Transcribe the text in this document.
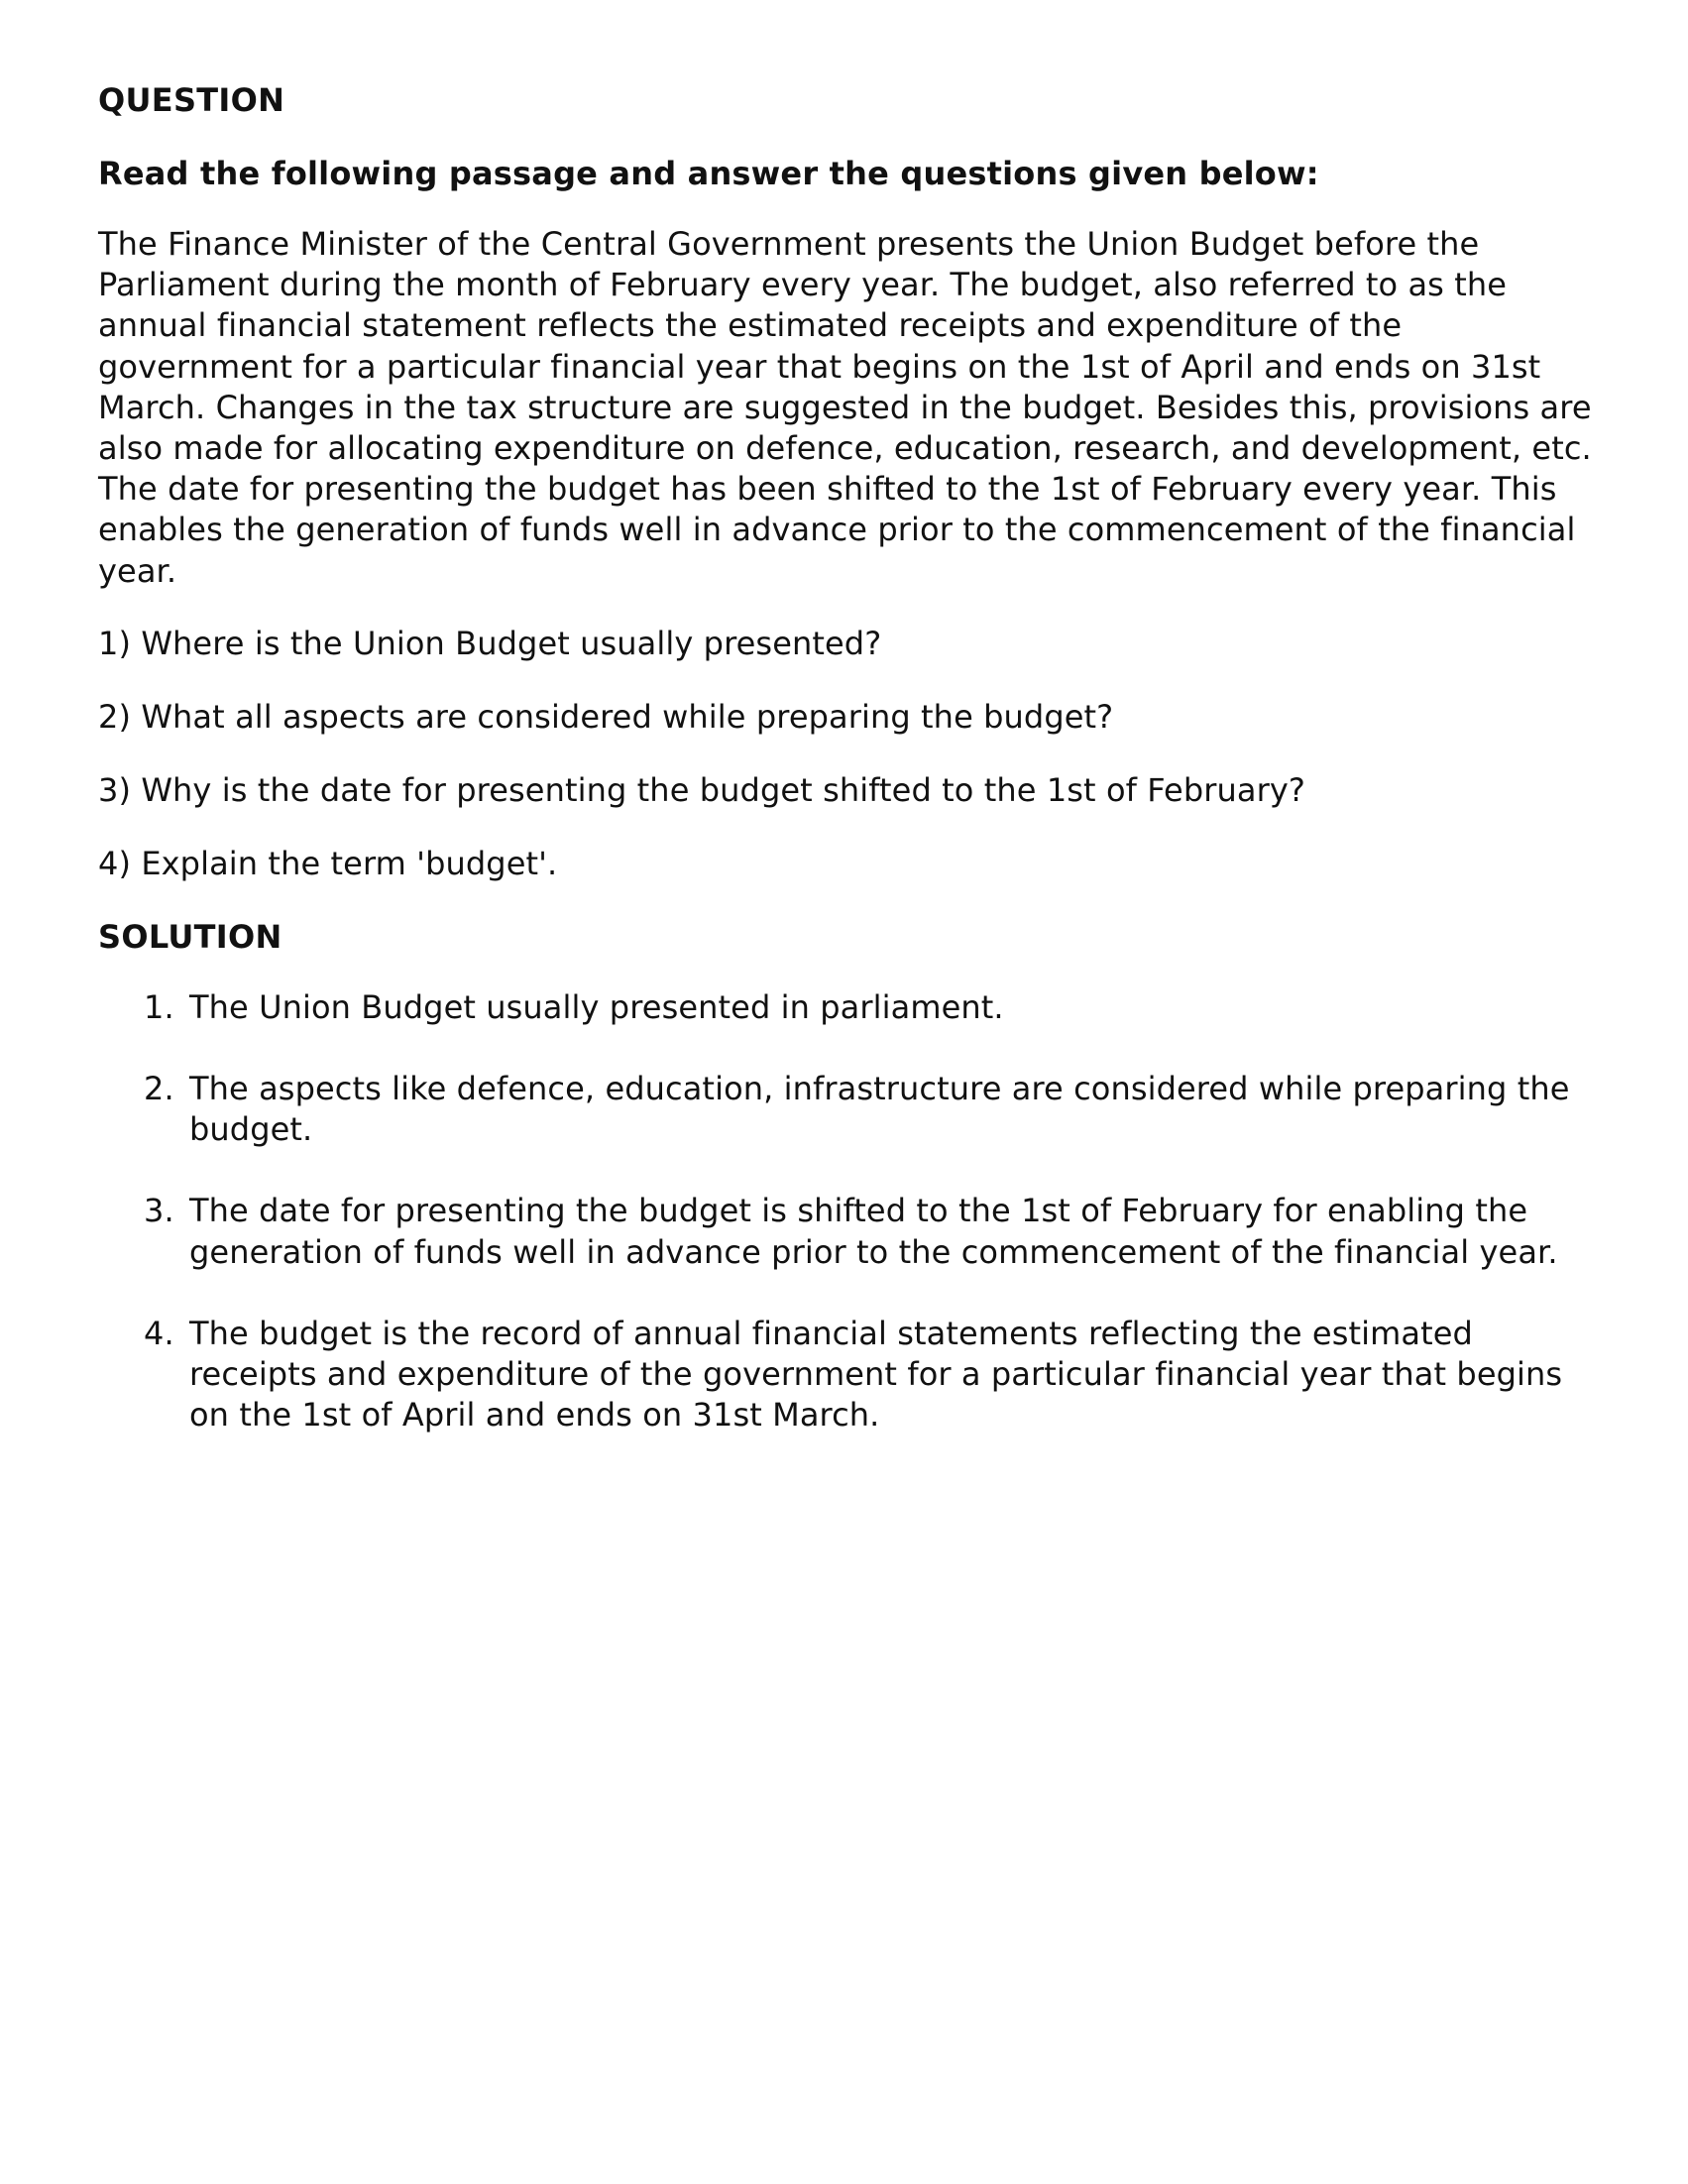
QUESTION
Read the following passage and answer the questions given below:
The Finance Minister of the Central Government presents the Union Budget before the Parliament during the month of February every year. The budget, also referred to as the annual financial statement reflects the estimated receipts and expenditure of the government for a particular financial year that begins on the 1st of April and ends on 31st March. Changes in the tax structure are suggested in the budget. Besides this, provisions are also made for allocating expenditure on defence, education, research, and development, etc. The date for presenting the budget has been shifted to the 1st of February every year. This enables the generation of funds well in advance prior to the commencement of the financial year.
1) Where is the Union Budget usually presented?
2) What all aspects are considered while preparing the budget?
3) Why is the date for presenting the budget shifted to the 1st of February?
4) Explain the term 'budget'.
SOLUTION
1. The Union Budget usually presented in parliament.
2. The aspects like defence, education, infrastructure are considered while preparing the budget.
3. The date for presenting the budget is shifted to the 1st of February for enabling the generation of funds well in advance prior to the commencement of the financial year.
4. The budget is the record of annual financial statements reflecting the estimated receipts and expenditure of the government for a particular financial year that begins on the 1st of April and ends on 31st March.
